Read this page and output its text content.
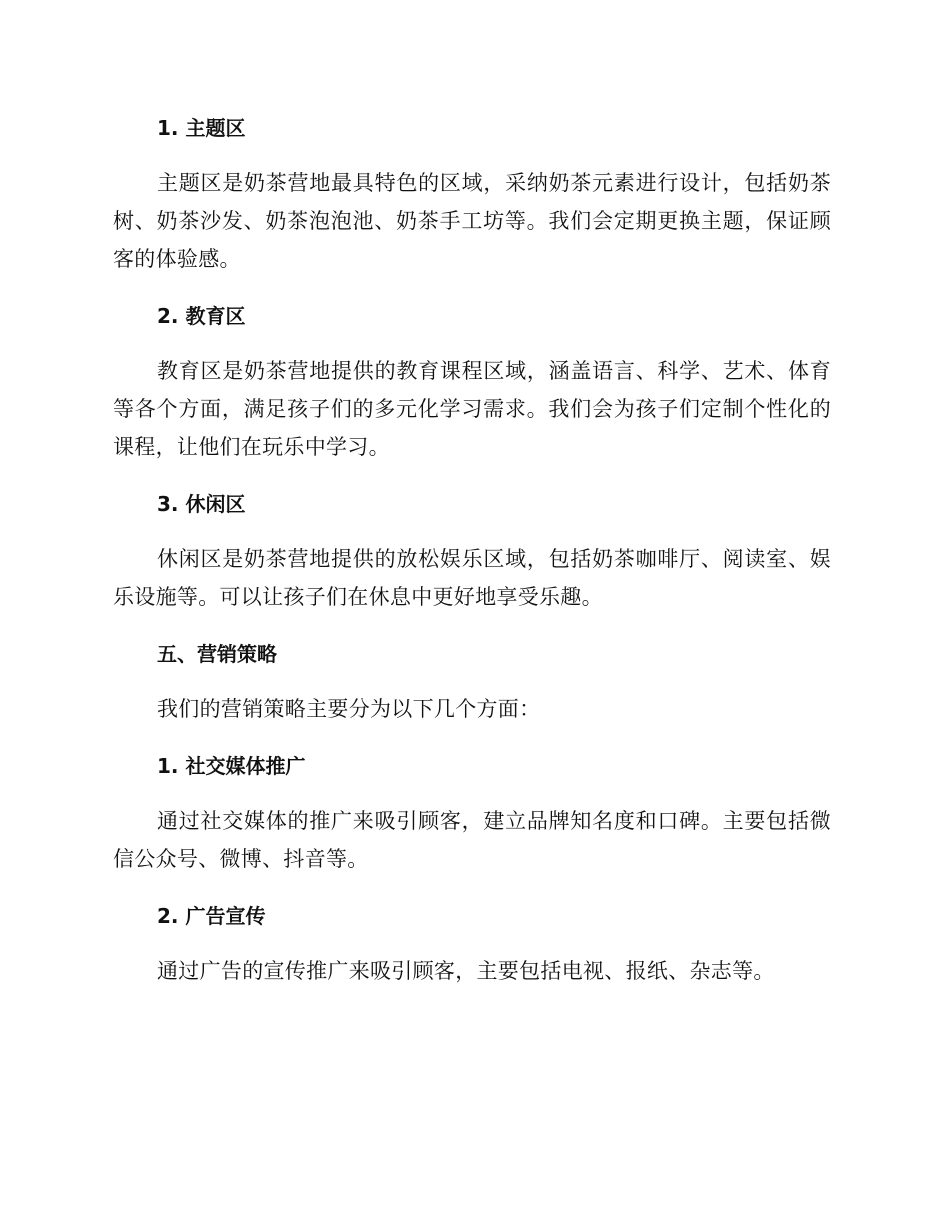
1. 主题区

主题区是奶茶营地最具特色的区域，采纳奶茶元素进行设计，包括奶茶树、奶茶沙发、奶茶泡泡池、奶茶手工坊等。我们会定期更换主题，保证顾客的体验感。

2. 教育区

教育区是奶茶营地提供的教育课程区域，涵盖语言、科学、艺术、体育等各个方面，满足孩子们的多元化学习需求。我们会为孩子们定制个性化的课程，让他们在玩乐中学习。

3. 休闲区

休闲区是奶茶营地提供的放松娱乐区域，包括奶茶咖啡厅、阅读室、娱乐设施等。可以让孩子们在休息中更好地享受乐趣。

五、营销策略

我们的营销策略主要分为以下几个方面：

1. 社交媒体推广

通过社交媒体的推广来吸引顾客，建立品牌知名度和口碑。主要包括微信公众号、微博、抖音等。

2. 广告宣传

通过广告的宣传推广来吸引顾客，主要包括电视、报纸、杂志等。
